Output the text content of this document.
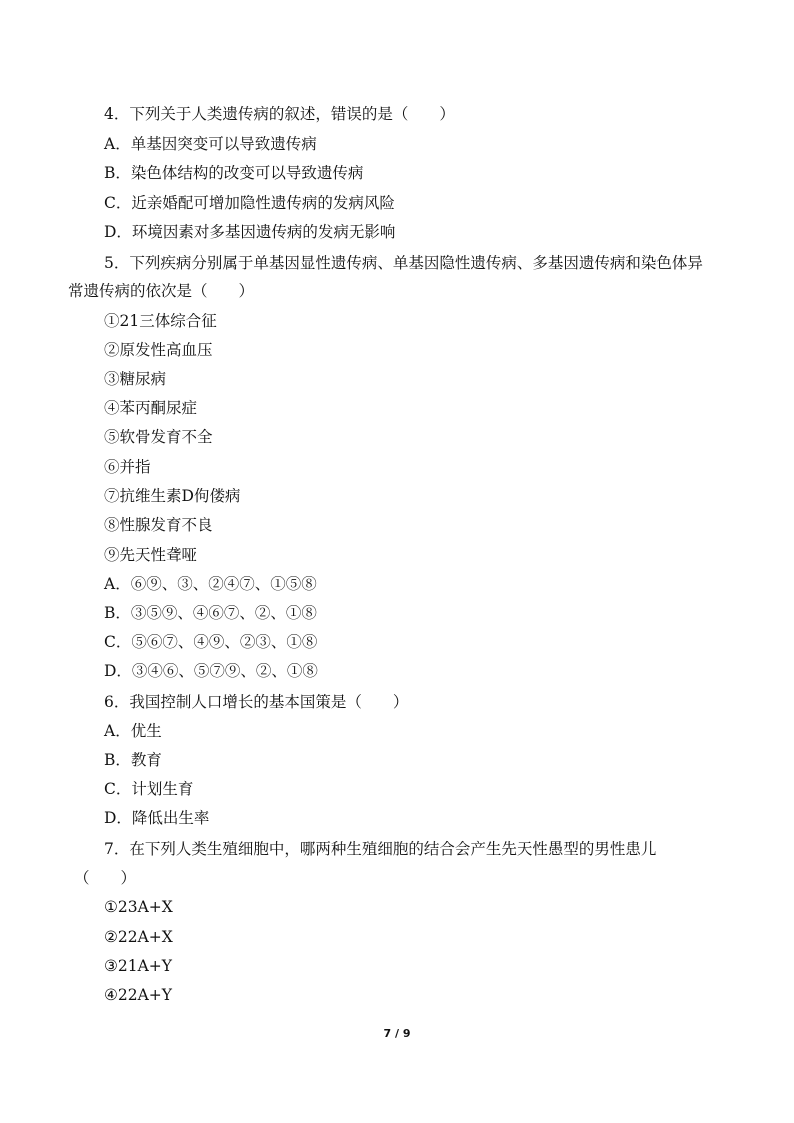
4．下列关于人类遗传病的叙述，错误的是（　　）
A．单基因突变可以导致遗传病
B．染色体结构的改变可以导致遗传病
C．近亲婚配可增加隐性遗传病的发病风险
D．环境因素对多基因遗传病的发病无影响
5．下列疾病分别属于单基因显性遗传病、单基因隐性遗传病、多基因遗传病和染色体异
常遗传病的依次是（　　）
①21三体综合征
②原发性高血压
③糖尿病
④苯丙酮尿症
⑤软骨发育不全
⑥并指
⑦抗维生素D佝偻病
⑧性腺发育不良
⑨先天性聋哑
A．⑥⑨、③、②④⑦、①⑤⑧
B．③⑤⑨、④⑥⑦、②、①⑧
C．⑤⑥⑦、④⑨、②③、①⑧
D．③④⑥、⑤⑦⑨、②、①⑧
6．我国控制人口增长的基本国策是（　　）
A．优生
B．教育
C．计划生育
D．降低出生率
7．在下列人类生殖细胞中，哪两种生殖细胞的结合会产生先天性愚型的男性患儿
（　　）
①23A+X
②22A+X
③21A+Y
④22A+Y
7 / 9
